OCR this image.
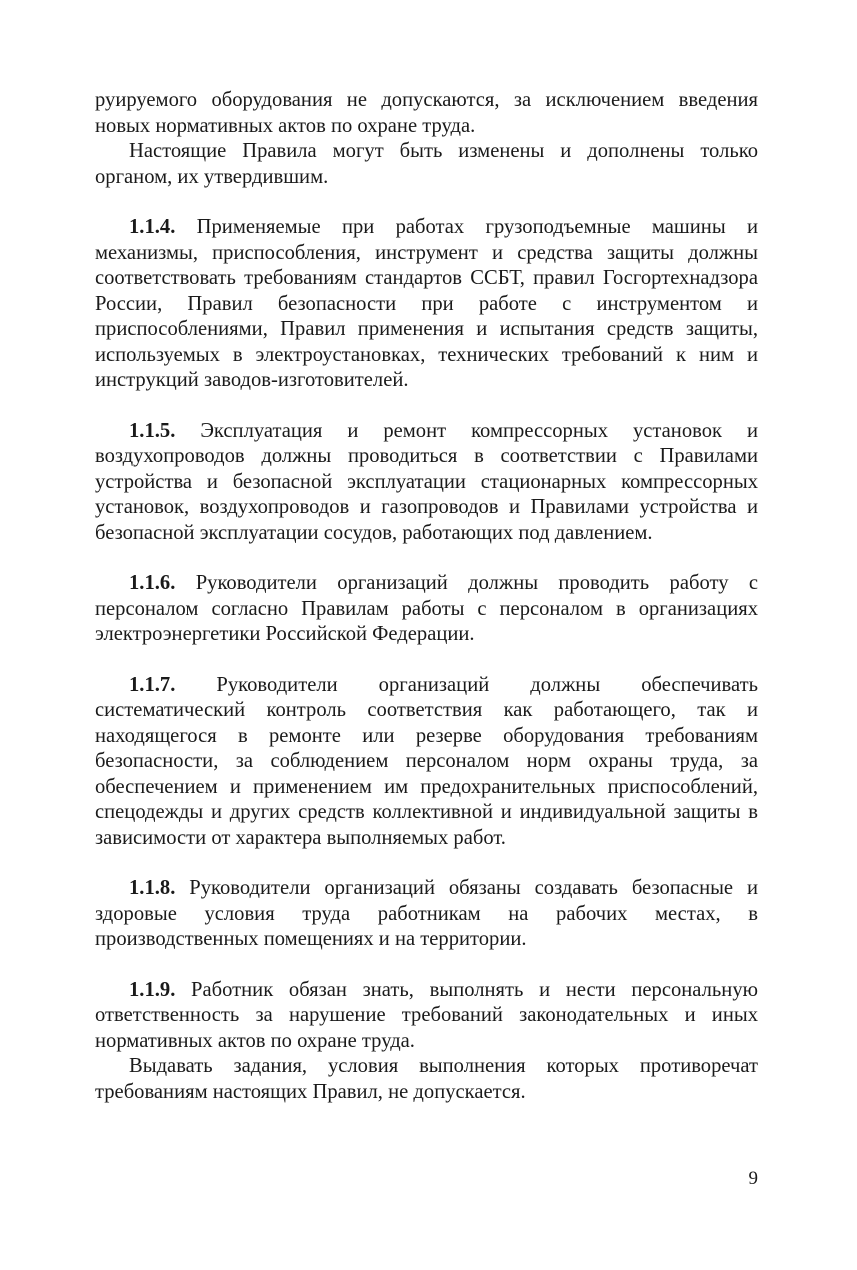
руируемого оборудования не допускаются, за исключением введения новых нормативных актов по охране труда.

Настоящие Правила могут быть изменены и дополнены только органом, их утвердившим.

1.1.4. Применяемые при работах грузоподъемные машины и механизмы, приспособления, инструмент и средства защиты должны соответствовать требованиям стандартов ССБТ, правил Госгортехнадзора России, Правил безопасности при работе с инструментом и приспособлениями, Правил применения и испытания средств защиты, используемых в электроустановках, технических требований к ним и инструкций заводов-изготовителей.

1.1.5. Эксплуатация и ремонт компрессорных установок и воздухопроводов должны проводиться в соответствии с Правилами устройства и безопасной эксплуатации стационарных компрессорных установок, воздухопроводов и газопроводов и Правилами устройства и безопасной эксплуатации сосудов, работающих под давлением.

1.1.6. Руководители организаций должны проводить работу с персоналом согласно Правилам работы с персоналом в организациях электроэнергетики Российской Федерации.

1.1.7. Руководители организаций должны обеспечивать систематический контроль соответствия как работающего, так и находящегося в ремонте или резерве оборудования требованиям безопасности, за соблюдением персоналом норм охраны труда, за обеспечением и применением им предохранительных приспособлений, спецодежды и других средств коллективной и индивидуальной защиты в зависимости от характера выполняемых работ.

1.1.8. Руководители организаций обязаны создавать безопасные и здоровые условия труда работникам на рабочих местах, в производственных помещениях и на территории.

1.1.9. Работник обязан знать, выполнять и нести персональную ответственность за нарушение требований законодательных и иных нормативных актов по охране труда.

Выдавать задания, условия выполнения которых противоречат требованиям настоящих Правил, не допускается.

9
